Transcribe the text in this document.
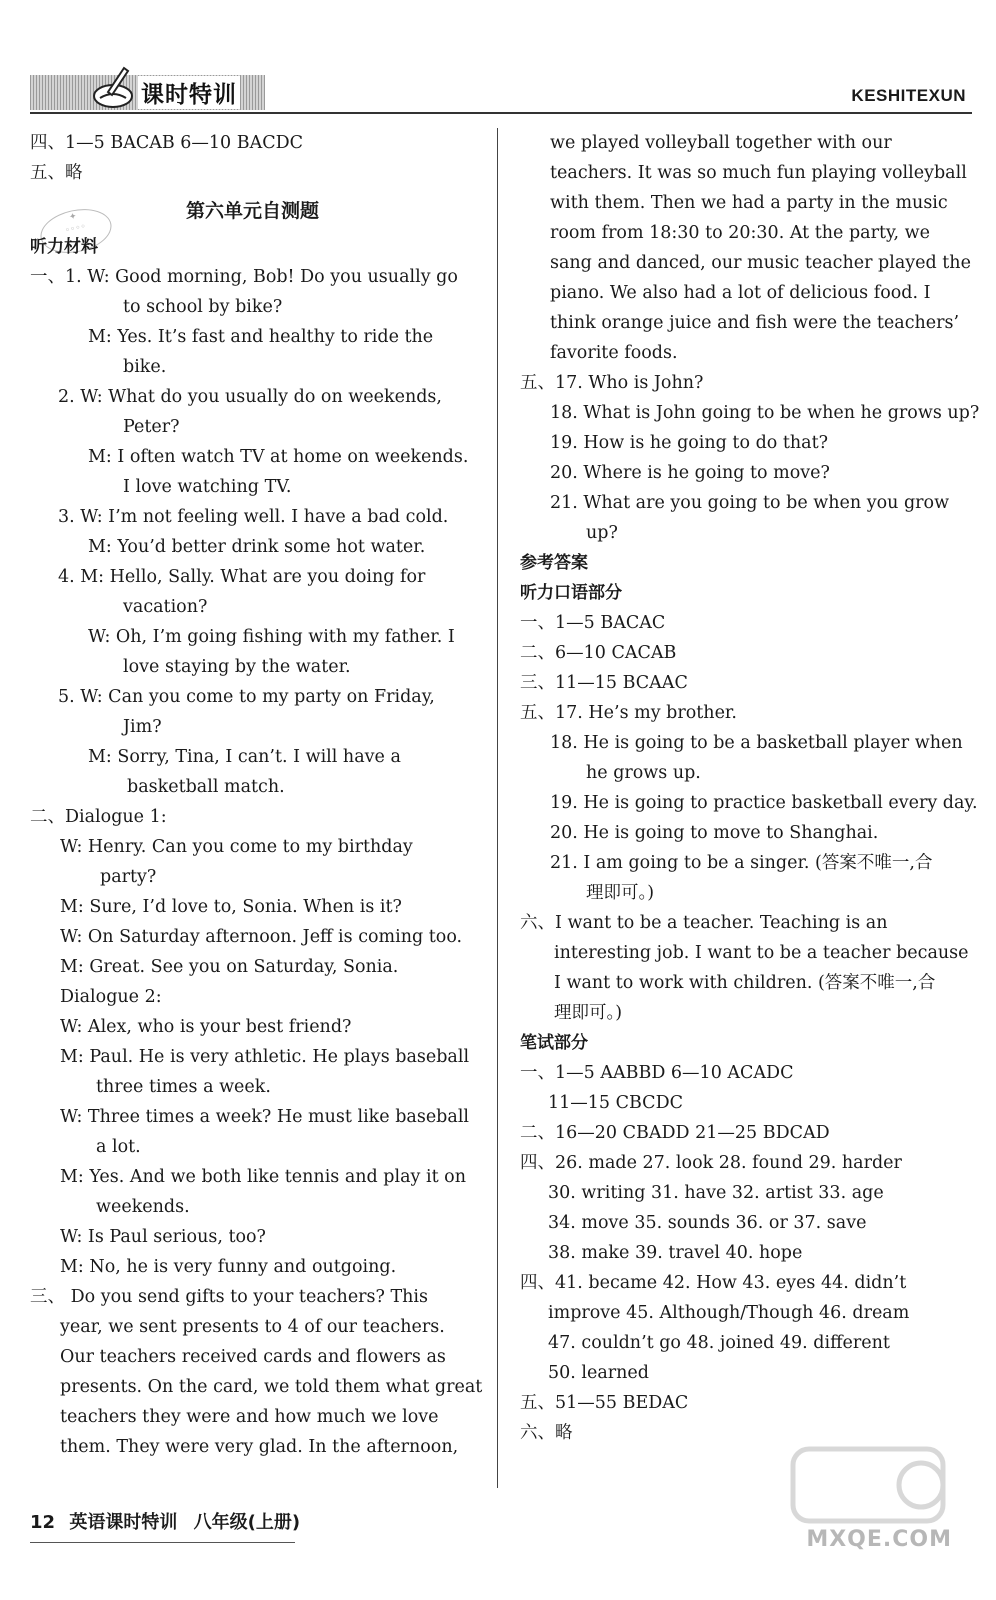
课时特训	KESHITEXUN
四、1—5 BACAB 6—10 BACDC
五、略
第六单元自测题
✦
◦◦◦◦
听力材料
一、1. W: Good morning, Bob! Do you usually go
to school by bike?
M: Yes. It’s fast and healthy to ride the
bike.
2. W: What do you usually do on weekends,
Peter?
M: I often watch TV at home on weekends.
I love watching TV.
3. W: I’m not feeling well. I have a bad cold.
M: You’d better drink some hot water.
4. M: Hello, Sally. What are you doing for
vacation?
W: Oh, I’m going fishing with my father. I
love staying by the water.
5. W: Can you come to my party on Friday,
Jim?
M: Sorry, Tina, I can’t. I will have a
basketball match.
二、Dialogue 1:
W: Henry. Can you come to my birthday
party?
M: Sure, I’d love to, Sonia. When is it?
W: On Saturday afternoon. Jeff is coming too.
M: Great. See you on Saturday, Sonia.
Dialogue 2:
W: Alex, who is your best friend?
M: Paul. He is very athletic. He plays baseball
three times a week.
W: Three times a week? He must like baseball
a lot.
M: Yes. And we both like tennis and play it on
weekends.
W: Is Paul serious, too?
M: No, he is very funny and outgoing.
三、 Do you send gifts to your teachers? This
year, we sent presents to 4 of our teachers.
Our teachers received cards and flowers as
presents. On the card, we told them what great
teachers they were and how much we love
them. They were very glad. In the afternoon,
we played volleyball together with our
teachers. It was so much fun playing volleyball
with them. Then we had a party in the music
room from 18:30 to 20:30. At the party, we
sang and danced, our music teacher played the
piano. We also had a lot of delicious food. I
think orange juice and fish were the teachers’
favorite foods.
五、17. Who is John?
18. What is John going to be when he grows up?
19. How is he going to do that?
20. Where is he going to move?
21. What are you going to be when you grow
up?
参考答案
听力口语部分
一、1—5 BACAC
二、6—10 CACAB
三、11—15 BCAAC
五、17. He’s my brother.
18. He is going to be a basketball player when
he grows up.
19. He is going to practice basketball every day.
20. He is going to move to Shanghai.
21. I am going to be a singer. (答案不唯一,合
理即可。)
六、I want to be a teacher. Teaching is an
interesting job. I want to be a teacher because
I want to work with children. (答案不唯一,合
理即可。)
笔试部分
一、1—5 AABBD 6—10 ACADC
11—15 CBCDC
二、16—20 CBADD 21—25 BDCAD
四、26. made 27. look 28. found 29. harder
30. writing 31. have 32. artist 33. age
34. move 35. sounds 36. or 37. save
38. make 39. travel 40. hope
四、41. became 42. How 43. eyes 44. didn’t
improve 45. Although/Though 46. dream
47. couldn’t go 48. joined 49. different
50. learned
五、51—55 BEDAC
六、略
12 英语课时特训 八年级(上册)
MXQE.COM
